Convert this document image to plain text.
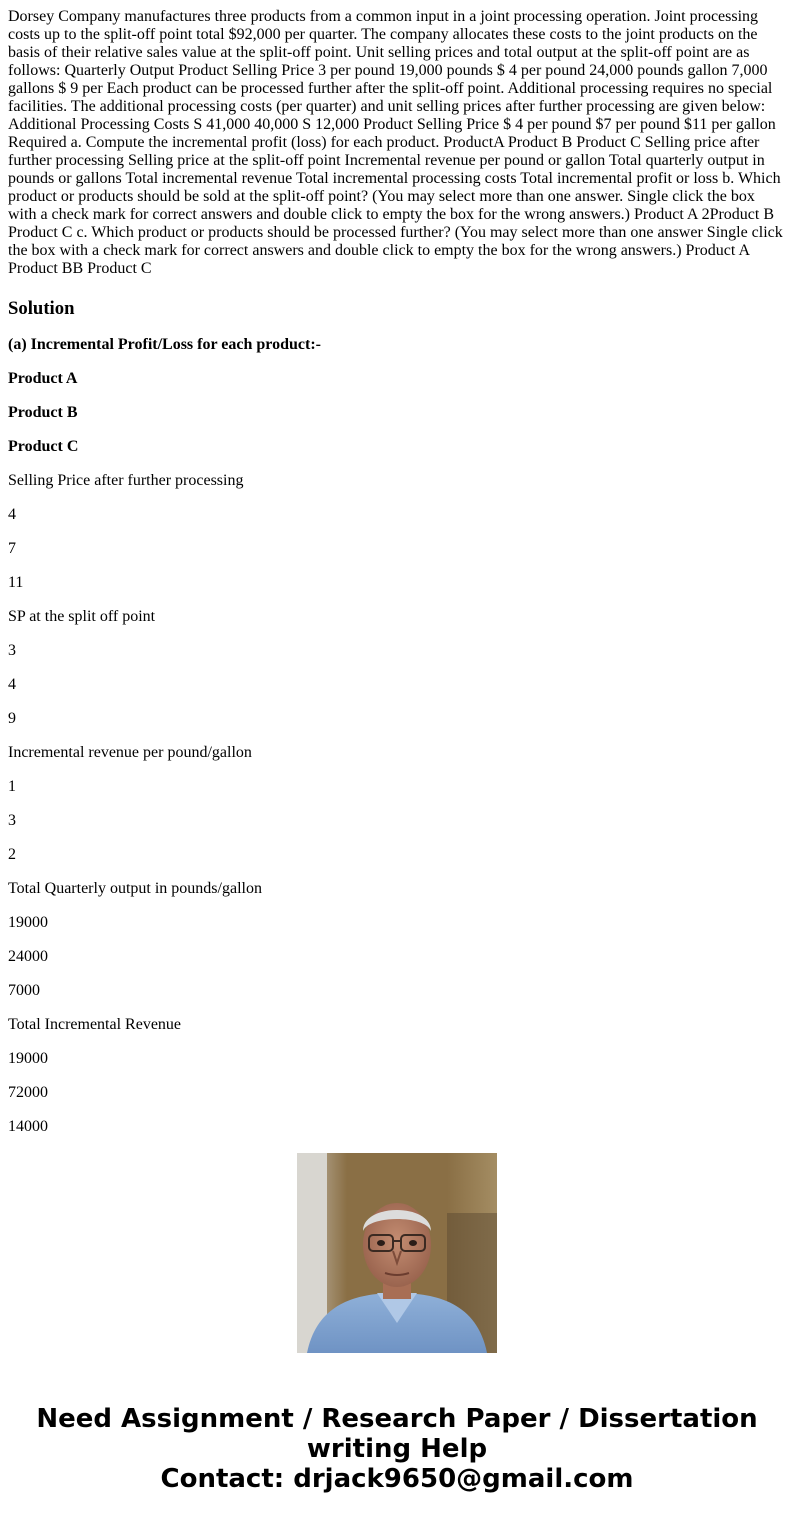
Dorsey Company manufactures three products from a common input in a joint processing operation. Joint processing costs up to the split-off point total $92,000 per quarter. The company allocates these costs to the joint products on the basis of their relative sales value at the split-off point. Unit selling prices and total output at the split-off point are as follows: Quarterly Output Product Selling Price 3 per pound 19,000 pounds $ 4 per pound 24,000 pounds gallon 7,000 gallons $ 9 per Each product can be processed further after the split-off point. Additional processing requires no special facilities. The additional processing costs (per quarter) and unit selling prices after further processing are given below: Additional Processing Costs S 41,000 40,000 S 12,000 Product Selling Price $ 4 per pound $7 per pound $11 per gallon Required a. Compute the incremental profit (loss) for each product. ProductA Product B Product C Selling price after further processing Selling price at the split-off point Incremental revenue per pound or gallon Total quarterly output in pounds or gallons Total incremental revenue Total incremental processing costs Total incremental profit or loss b. Which product or products should be sold at the split-off point? (You may select more than one answer. Single click the box with a check mark for correct answers and double click to empty the box for the wrong answers.) Product A 2Product B Product C c. Which product or products should be processed further? (You may select more than one answer Single click the box with a check mark for correct answers and double click to empty the box for the wrong answers.) Product A Product BB Product C

Solution

(a) Incremental Profit/Loss for each product:-

Product A

Product B

Product C

Selling Price after further processing

4

7

11

SP at the split off point

3

4

9

Incremental revenue per pound/gallon

1

3

2

Total Quarterly output in pounds/gallon

19000

24000

7000

Total Incremental Revenue

19000

72000

14000

Need Assignment / Research Paper / Dissertation
writing Help
Contact: drjack9650@gmail.com
